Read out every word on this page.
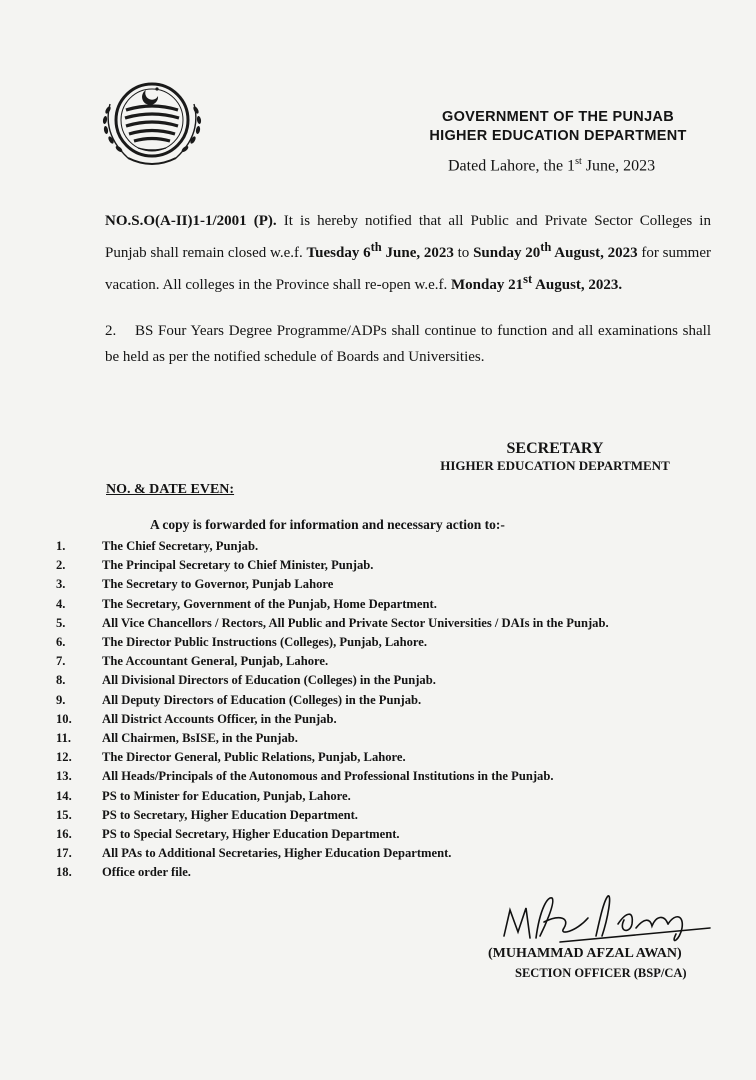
GOVERNMENT OF THE PUNJAB
HIGHER EDUCATION DEPARTMENT
Dated Lahore, the 1st June, 2023
NO.S.O(A-II)1-1/2001 (P). It is hereby notified that all Public and Private Sector Colleges in Punjab shall remain closed w.e.f. Tuesday 6th June, 2023 to Sunday 20th August, 2023 for summer vacation. All colleges in the Province shall re-open w.e.f. Monday 21st August, 2023.
2. BS Four Years Degree Programme/ADPs shall continue to function and all examinations shall be held as per the notified schedule of Boards and Universities.
SECRETARY
HIGHER EDUCATION DEPARTMENT
NO. & DATE EVEN:
A copy is forwarded for information and necessary action to:-
1.	The Chief Secretary, Punjab.
2.	The Principal Secretary to Chief Minister, Punjab.
3.	The Secretary to Governor, Punjab Lahore
4.	The Secretary, Government of the Punjab, Home Department.
5.	All Vice Chancellors / Rectors, All Public and Private Sector Universities / DAIs in the Punjab.
6.	The Director Public Instructions (Colleges), Punjab, Lahore.
7.	The Accountant General, Punjab, Lahore.
8.	All Divisional Directors of Education (Colleges) in the Punjab.
9.	All Deputy Directors of Education (Colleges) in the Punjab.
10.	All District Accounts Officer, in the Punjab.
11.	All Chairmen, BsISE, in the Punjab.
12.	The Director General, Public Relations, Punjab, Lahore.
13.	All Heads/Principals of the Autonomous and Professional Institutions in the Punjab.
14.	PS to Minister for Education, Punjab, Lahore.
15.	PS to Secretary, Higher Education Department.
16.	PS to Special Secretary, Higher Education Department.
17.	All PAs to Additional Secretaries, Higher Education Department.
18.	Office order file.
(MUHAMMAD AFZAL AWAN)
SECTION OFFICER (BSP/CA)
